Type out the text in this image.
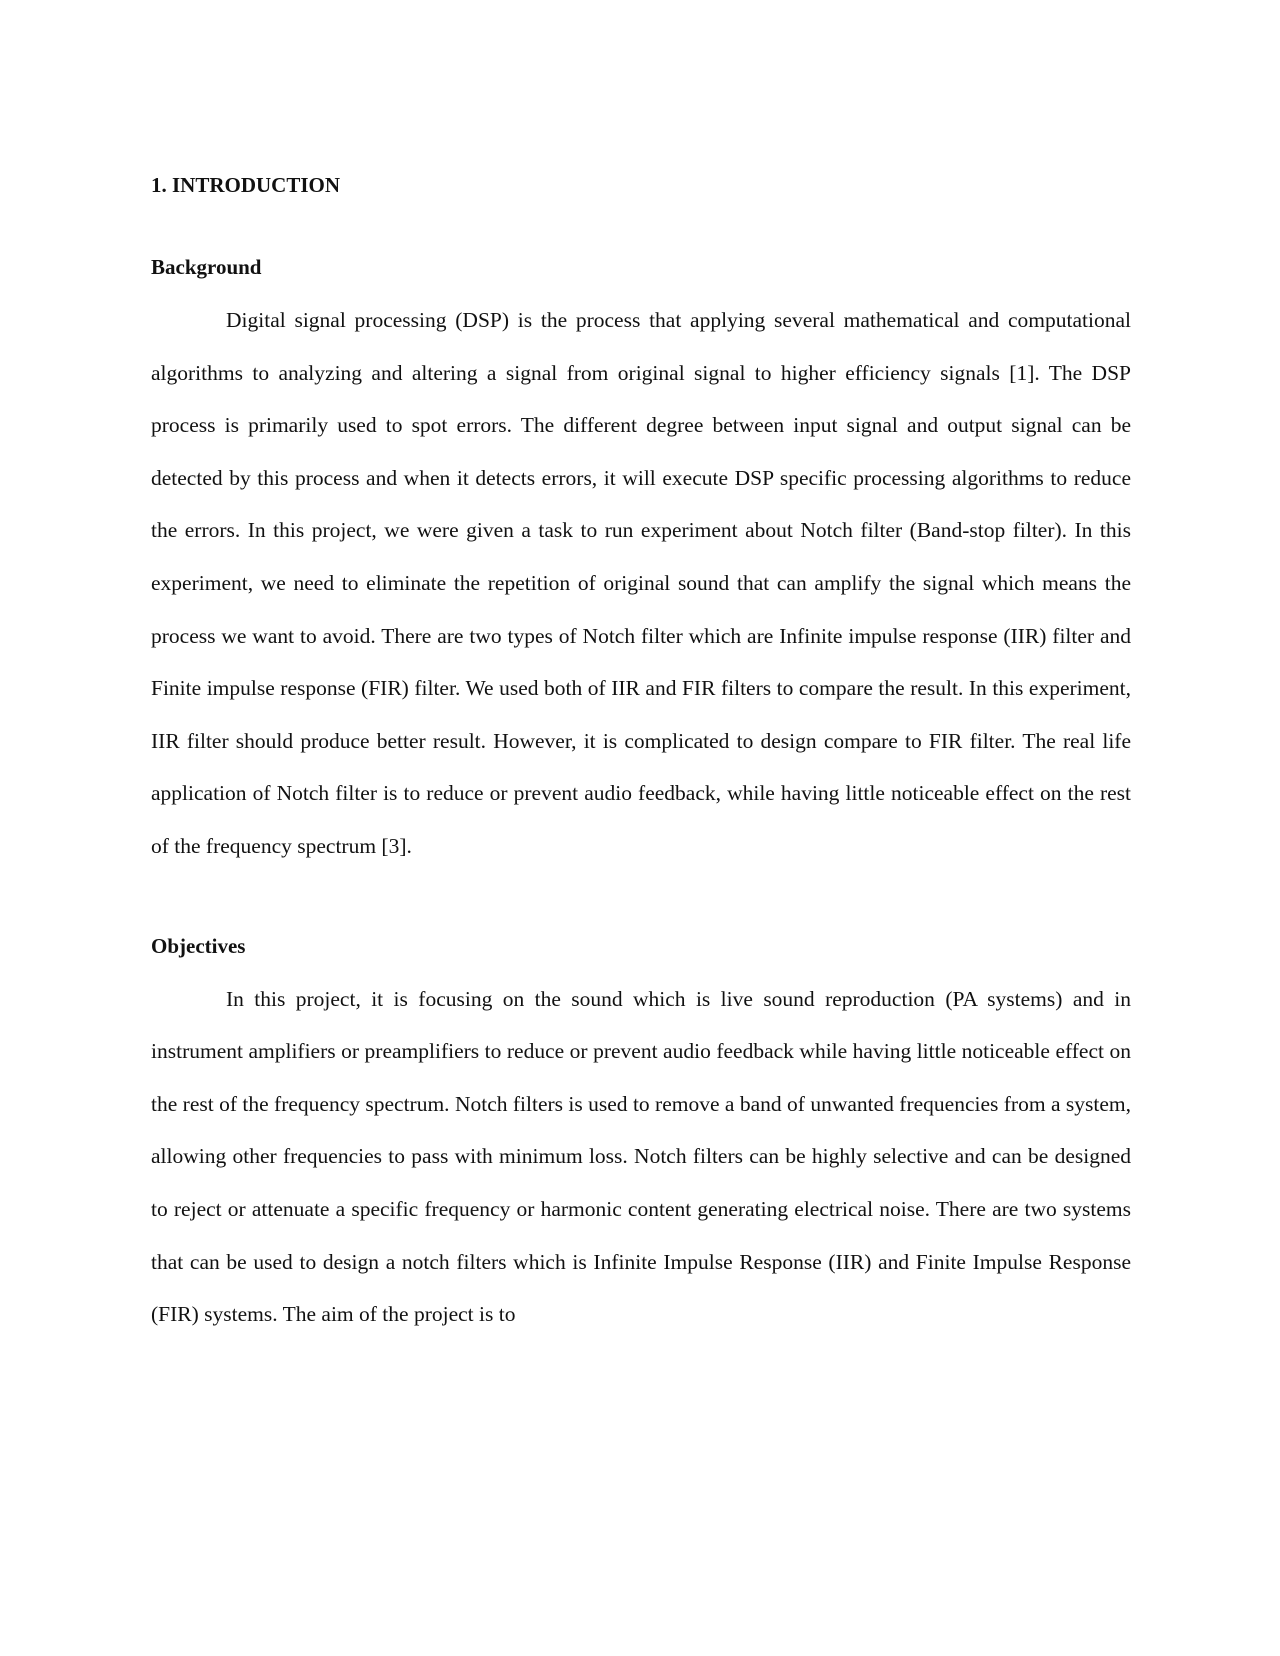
1. INTRODUCTION
Background

Digital signal processing (DSP) is the process that applying several mathematical and computational algorithms to analyzing and altering a signal from original signal to higher efficiency signals [1]. The DSP process is primarily used to spot errors. The different degree between input signal and output signal can be detected by this process and when it detects errors, it will execute DSP specific processing algorithms to reduce the errors. In this project, we were given a task to run experiment about Notch filter (Band-stop filter). In this experiment, we need to eliminate the repetition of original sound that can amplify the signal which means the process we want to avoid. There are two types of Notch filter which are Infinite impulse response (IIR) filter and Finite impulse response (FIR) filter. We used both of IIR and FIR filters to compare the result. In this experiment, IIR filter should produce better result. However, it is complicated to design compare to FIR filter. The real life application of Notch filter is to reduce or prevent audio feedback, while having little noticeable effect on the rest of the frequency spectrum [3].

Objectives

In this project, it is focusing on the sound which is live sound reproduction (PA systems) and in instrument amplifiers or preamplifiers to reduce or prevent audio feedback while having little noticeable effect on the rest of the frequency spectrum. Notch filters is used to remove a band of unwanted frequencies from a system, allowing other frequencies to pass with minimum loss. Notch filters can be highly selective and can be designed to reject or attenuate a specific frequency or harmonic content generating electrical noise. There are two systems that can be used to design a notch filters which is Infinite Impulse Response (IIR) and Finite Impulse Response (FIR) systems. The aim of the project is to
